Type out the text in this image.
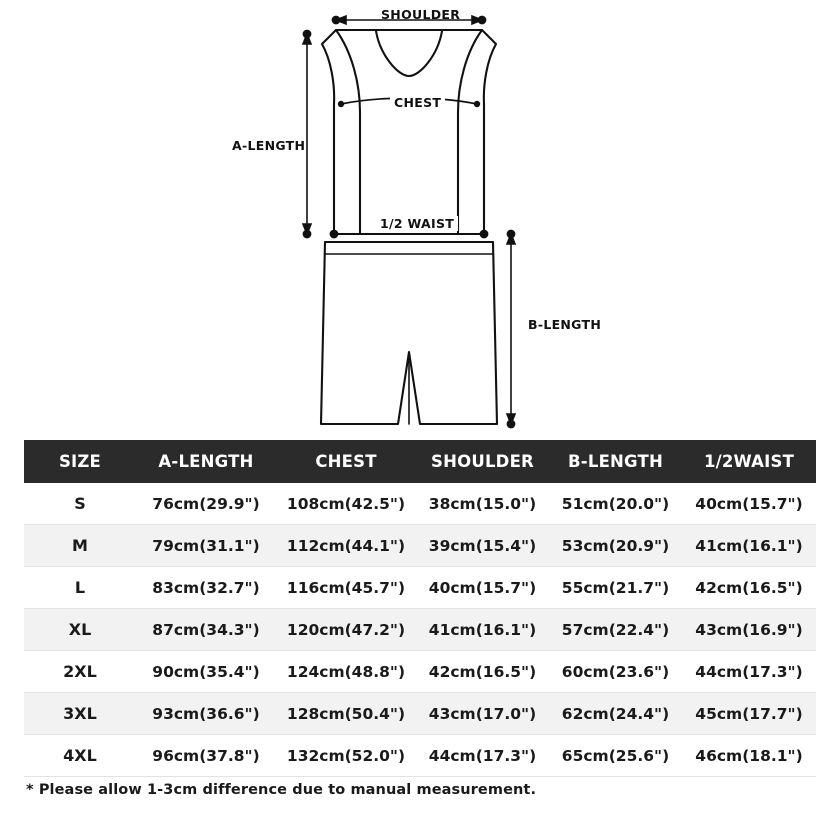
SHOULDER
CHEST
A-LENGTH
1/2 WAIST
B-LENGTH
SIZE	A-LENGTH	CHEST	SHOULDER	B-LENGTH	1/2WAIST
S	76cm(29.9")	108cm(42.5")	38cm(15.0")	51cm(20.0")	40cm(15.7")
M	79cm(31.1")	112cm(44.1")	39cm(15.4")	53cm(20.9")	41cm(16.1")
L	83cm(32.7")	116cm(45.7")	40cm(15.7")	55cm(21.7")	42cm(16.5")
XL	87cm(34.3")	120cm(47.2")	41cm(16.1")	57cm(22.4")	43cm(16.9")
2XL	90cm(35.4")	124cm(48.8")	42cm(16.5")	60cm(23.6")	44cm(17.3")
3XL	93cm(36.6")	128cm(50.4")	43cm(17.0")	62cm(24.4")	45cm(17.7")
4XL	96cm(37.8")	132cm(52.0")	44cm(17.3")	65cm(25.6")	46cm(18.1")
* Please allow 1-3cm difference due to manual measurement.
